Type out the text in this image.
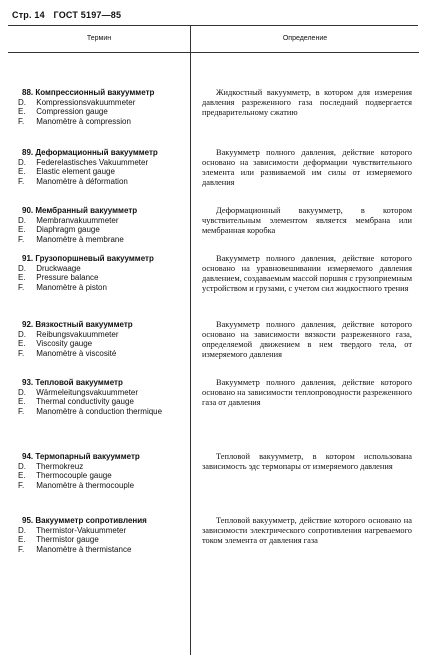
Стр. 14 ГОСТ 5197—85
Термин	Определение
88. Компрессионный вакуумметр
D. Kompressionsvakuummeter
E. Compression gauge
F. Manomètre à compression
Жидкостный вакуумметр, в котором для измерения давления разреженного газа последний подвергается предварительному сжатию
89. Деформационный вакуумметр
D. Federelastisches Vakuummeter
E. Elastic element gauge
F. Manomètre à déformation
Вакуумметр полного давления, действие которого основано на зависимости деформации чувствительного элемента или развиваемой им силы от измеряемого давления
90. Мембранный вакуумметр
D. Membranvakuummeter
E. Diaphragm gauge
F. Manomètre à membrane
Деформационный вакуумметр, в котором чувствительным элементом является мембрана или мембранная коробка
91. Грузопоршневый вакуумметр
D. Druckwaage
E. Pressure balance
F. Manomètre à piston
Вакуумметр полного давления, действие которого основано на уравновешивании измеряемого давления давлением, создаваемым массой поршня с грузоприемным устройством и грузами, с учетом сил жидкостного трения
92. Вязкостный вакуумметр
D. Reibungsvakuummeter
E. Viscosity gauge
F. Manomètre à viscosité
Вакуумметр полного давления, действие которого основано на зависимости вязкости разреженного газа, определяемой движением в нем твердого тела, от измеряемого давления
93. Тепловой вакуумметр
D. Wärmeleitungsvakuummeter
E. Thermal conductivity gauge
F. Manomètre à conduction thermique
Вакуумметр полного давления, действие которого основано на зависимости теплопроводности разреженного газа от давления
94. Термопарный вакуумметр
D. Thermokreuz
E. Thermocouple gauge
F. Manomètre à thermocouple
Тепловой вакуумметр, в котором использована зависимость эдс термопары от измеряемого давления
95. Вакуумметр сопротивления
D. Thermistor-Vakuummeter
E. Thermistor gauge
F. Manomètre à thermistance
Тепловой вакуумметр, действие которого основано на зависимости электрического сопротивления нагреваемого током элемента от давления газа
